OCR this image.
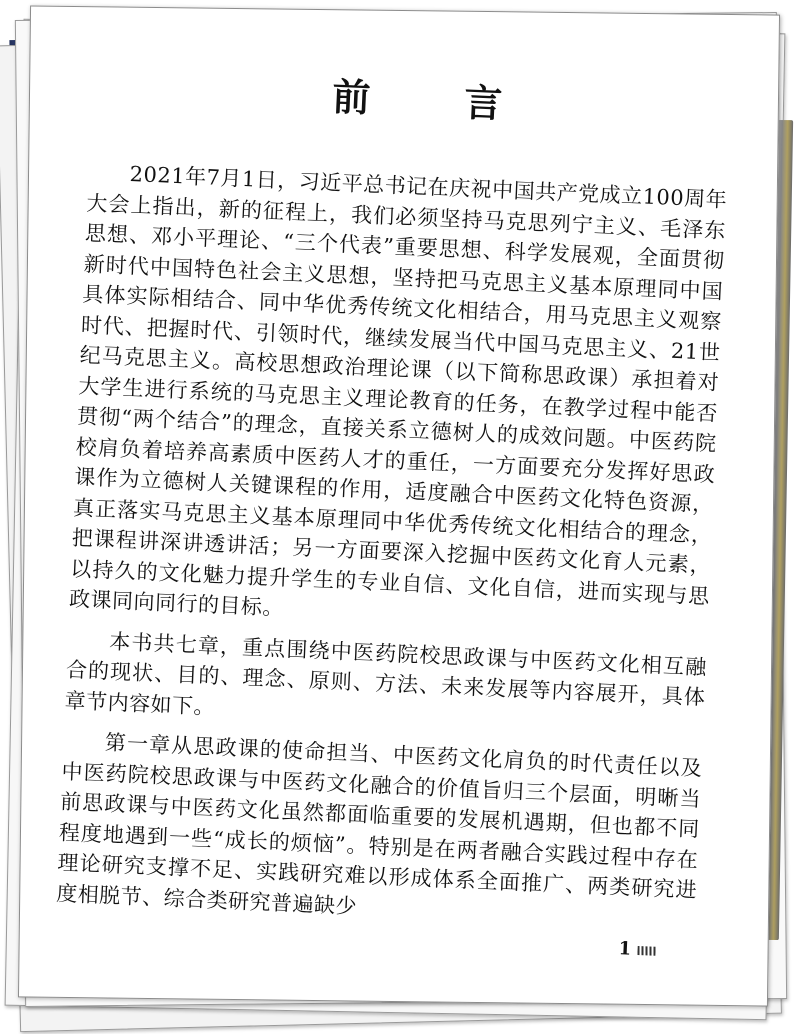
前　言

2021年7月1日，习近平总书记在庆祝中国共产党成立100周年大会上指出，新的征程上，我们必须坚持马克思列宁主义、毛泽东思想、邓小平理论、“三个代表”重要思想、科学发展观，全面贯彻新时代中国特色社会主义思想，坚持把马克思主义基本原理同中国具体实际相结合、同中华优秀传统文化相结合，用马克思主义观察时代、把握时代、引领时代，继续发展当代中国马克思主义、21世纪马克思主义。高校思想政治理论课（以下简称思政课）承担着对大学生进行系统的马克思主义理论教育的任务，在教学过程中能否贯彻“两个结合”的理念，直接关系立德树人的成效问题。中医药院校肩负着培养高素质中医药人才的重任，一方面要充分发挥好思政课作为立德树人关键课程的作用，适度融合中医药文化特色资源，真正落实马克思主义基本原理同中华优秀传统文化相结合的理念，把课程讲深讲透讲活；另一方面要深入挖掘中医药文化育人元素，以持久的文化魅力提升学生的专业自信、文化自信，进而实现与思政课同向同行的目标。

本书共七章，重点围绕中医药院校思政课与中医药文化相互融合的现状、目的、理念、原则、方法、未来发展等内容展开，具体章节内容如下。

第一章从思政课的使命担当、中医药文化肩负的时代责任以及中医药院校思政课与中医药文化融合的价值旨归三个层面，明晰当前思政课与中医药文化虽然都面临重要的发展机遇期，但也都不同程度地遇到一些“成长的烦恼”。特别是在两者融合实践过程中存在理论研究支撑不足、实践研究难以形成体系全面推广、两类研究进度相脱节、综合类研究普遍缺少

1
